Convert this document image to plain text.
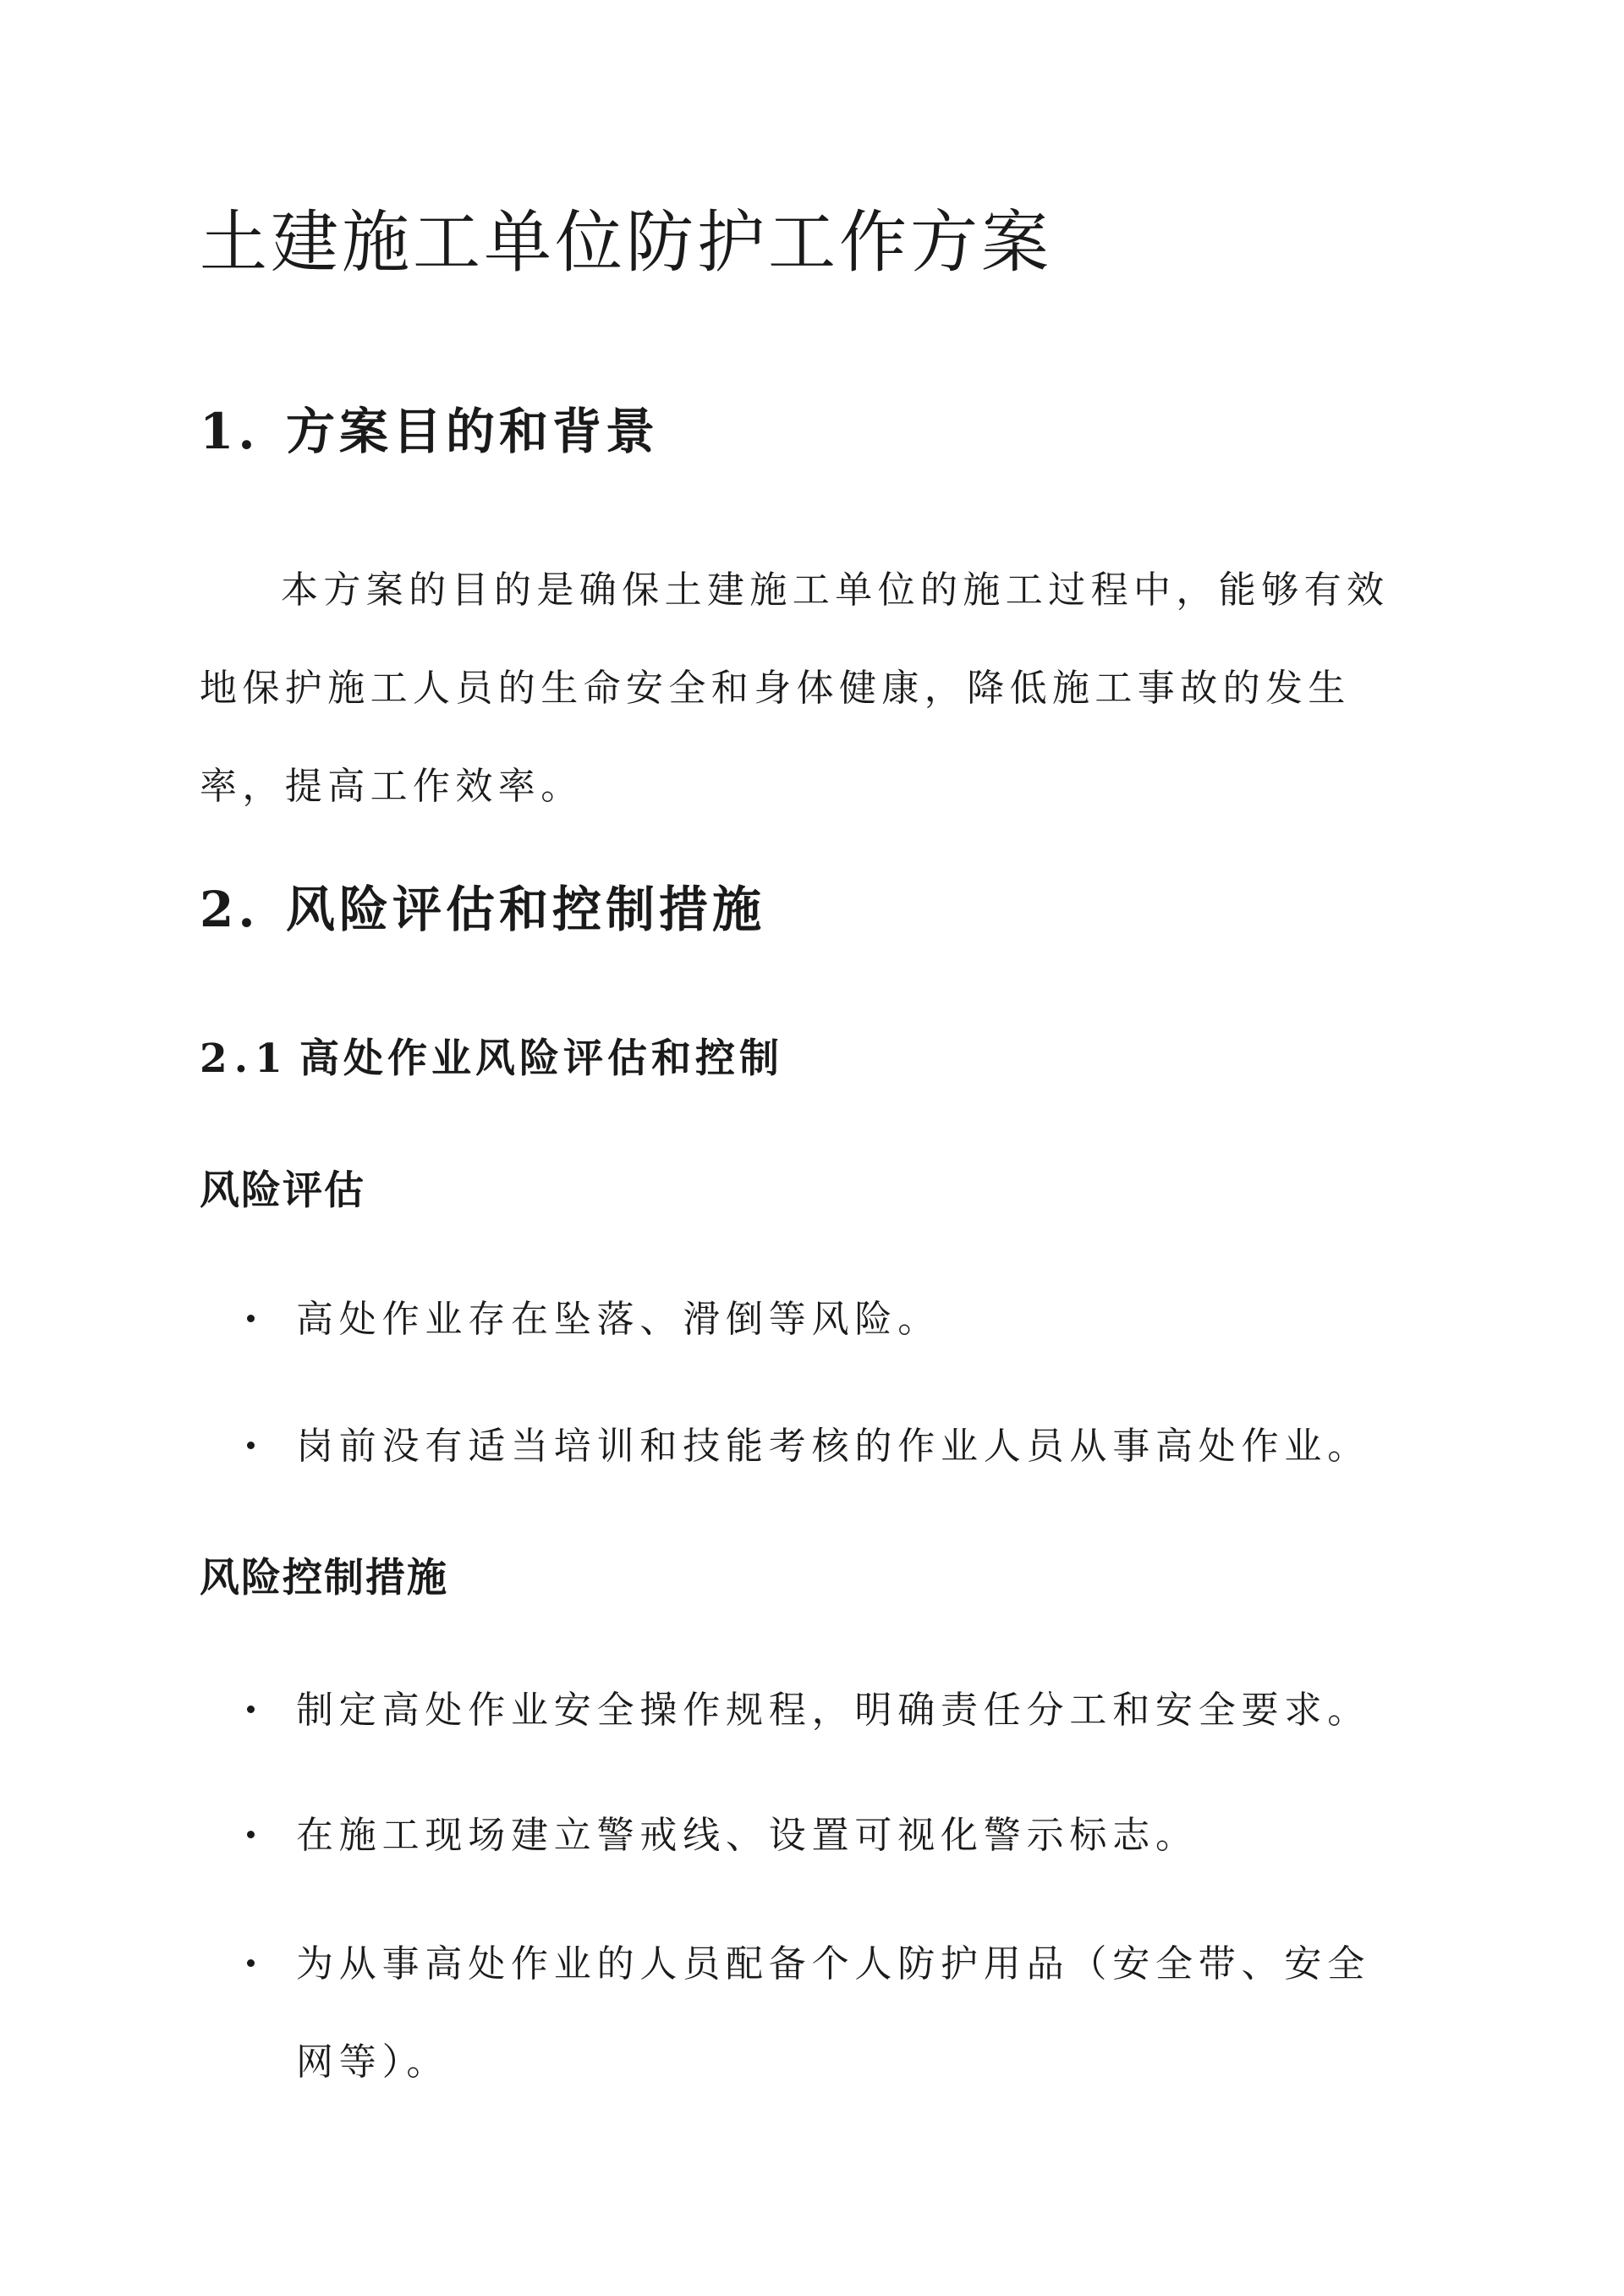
土建施工单位防护工作方案
1. 方案目的和背景

本方案的目的是确保土建施工单位的施工过程中，能够有效地保护施工人员的生命安全和身体健康，降低施工事故的发生率，提高工作效率。

2. 风险评估和控制措施
2.1 高处作业风险评估和控制
风险评估
高处作业存在坠落、滑倒等风险。
岗前没有适当培训和技能考核的作业人员从事高处作业。
风险控制措施
制定高处作业安全操作规程，明确责任分工和安全要求。
在施工现场建立警戒线、设置可视化警示标志。
为从事高处作业的人员配备个人防护用品（安全带、安全网等）。
